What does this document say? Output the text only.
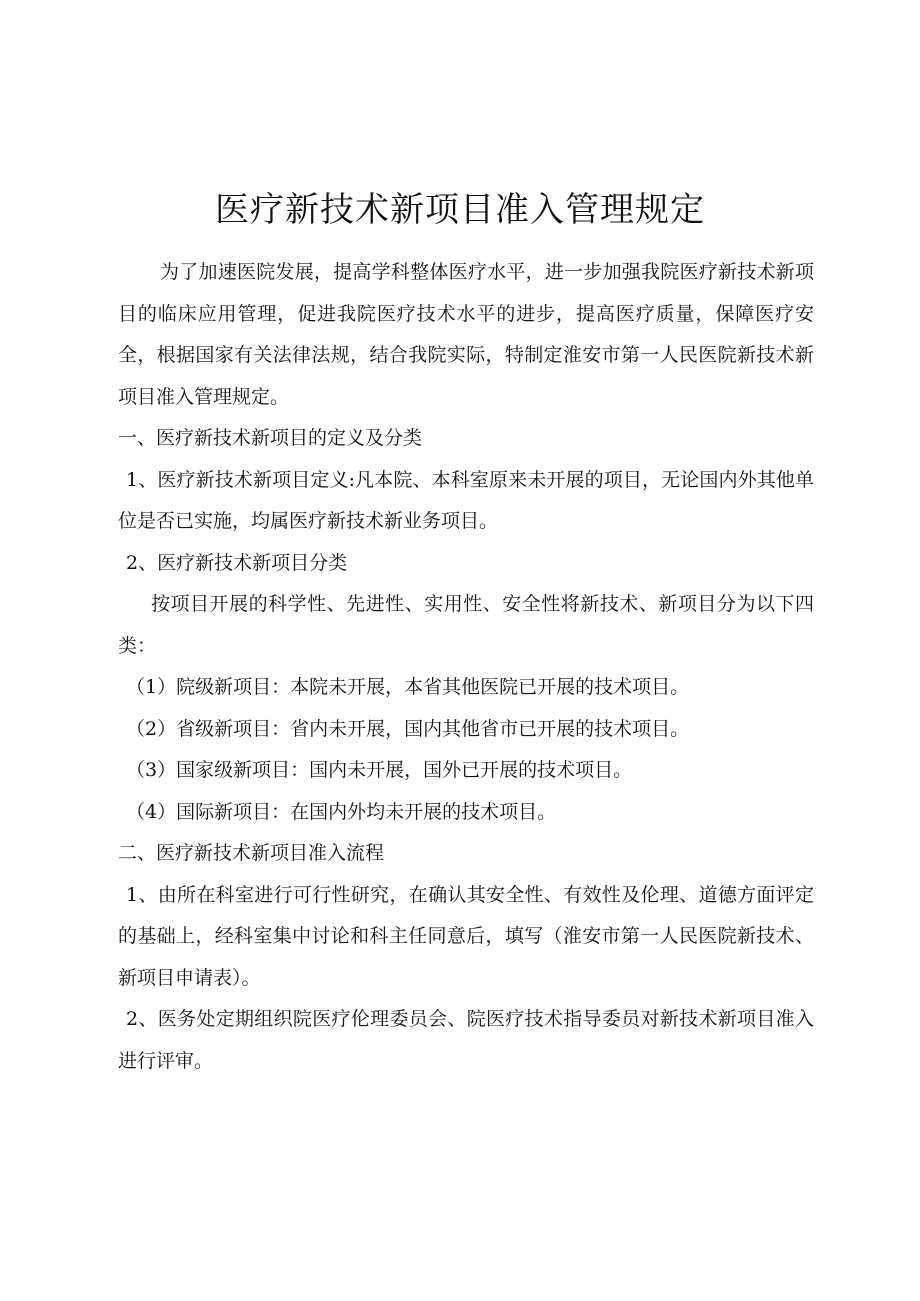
医疗新技术新项目准入管理规定

为了加速医院发展，提高学科整体医疗水平，进一步加强我院医疗新技术新项目的临床应用管理，促进我院医疗技术水平的进步，提高医疗质量，保障医疗安全，根据国家有关法律法规，结合我院实际，特制定淮安市第一人民医院新技术新项目准入管理规定。

一、医疗新技术新项目的定义及分类

1、医疗新技术新项目定义:凡本院、本科室原来未开展的项目，无论国内外其他单位是否已实施，均属医疗新技术新业务项目。

2、医疗新技术新项目分类

按项目开展的科学性、先进性、实用性、安全性将新技术、新项目分为以下四类：

（1）院级新项目：本院未开展，本省其他医院已开展的技术项目。

（2）省级新项目：省内未开展，国内其他省市已开展的技术项目。

（3）国家级新项目：国内未开展，国外已开展的技术项目。

（4）国际新项目：在国内外均未开展的技术项目。

二、医疗新技术新项目准入流程

1、由所在科室进行可行性研究，在确认其安全性、有效性及伦理、道德方面评定的基础上，经科室集中讨论和科主任同意后，填写（淮安市第一人民医院新技术、新项目申请表）。

2、医务处定期组织院医疗伦理委员会、院医疗技术指导委员对新技术新项目准入进行评审。
